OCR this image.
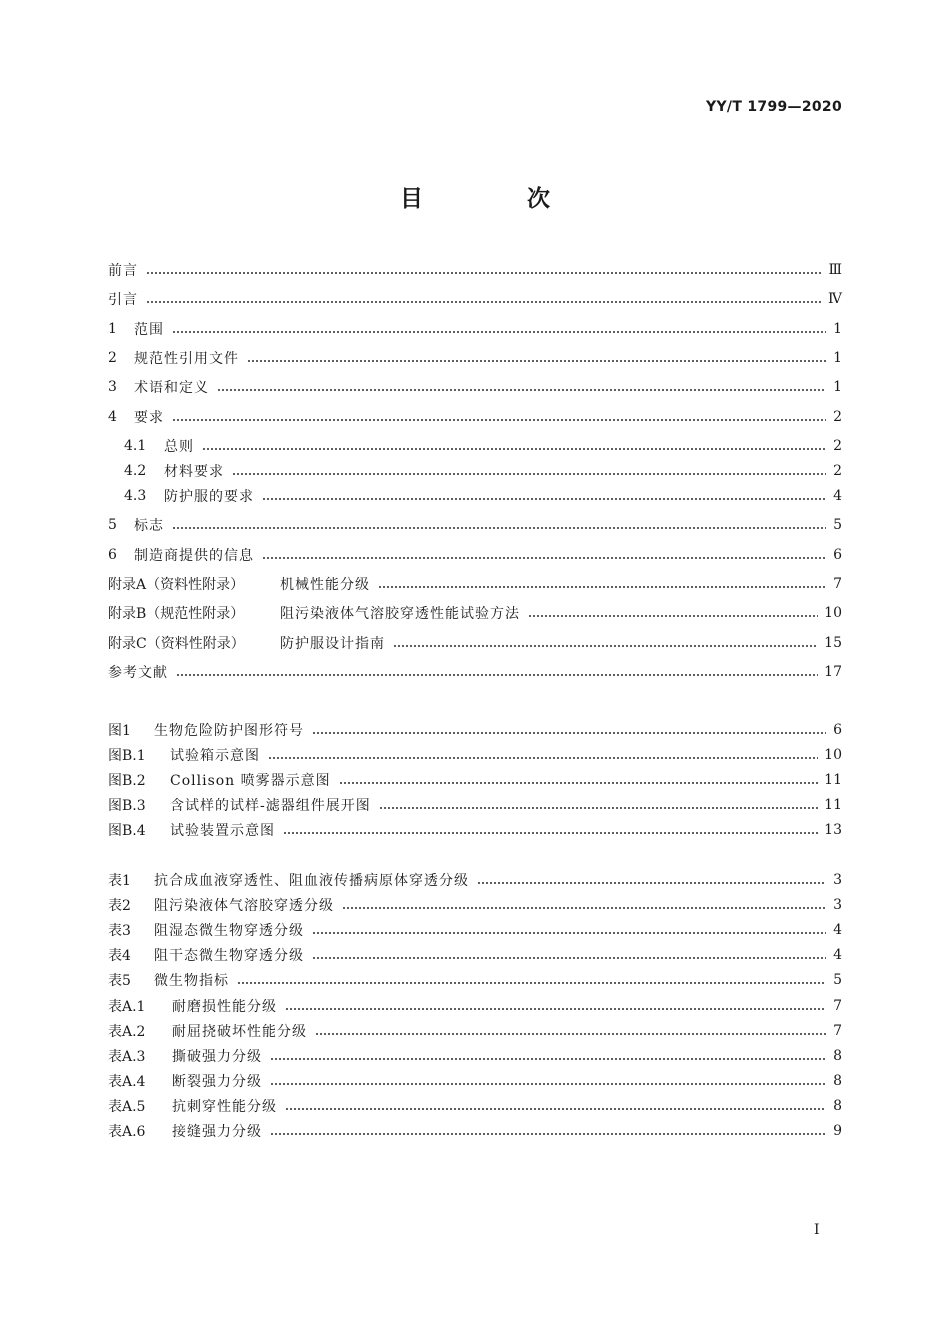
YY/T 1799—2020
目 次
前言	Ⅲ
引言	Ⅳ
1	范围	1
2	规范性引用文件	1
3	术语和定义	1
4	要求	2
4.1	总则	2
4.2	材料要求	2
4.3	防护服的要求	4
5	标志	5
6	制造商提供的信息	6
附录A（资料性附录）	机械性能分级	7
附录B（规范性附录）	阻污染液体气溶胶穿透性能试验方法	10
附录C（资料性附录）	防护服设计指南	15
参考文献	17
图1	生物危险防护图形符号	6
图B.1	试验箱示意图	10
图B.2	Collison 喷雾器示意图	11
图B.3	含试样的试样-滤器组件展开图	11
图B.4	试验装置示意图	13
表1	抗合成血液穿透性、阻血液传播病原体穿透分级	3
表2	阻污染液体气溶胶穿透分级	3
表3	阻湿态微生物穿透分级	4
表4	阻干态微生物穿透分级	4
表5	微生物指标	5
表A.1	耐磨损性能分级	7
表A.2	耐屈挠破坏性能分级	7
表A.3	撕破强力分级	8
表A.4	断裂强力分级	8
表A.5	抗刺穿性能分级	8
表A.6	接缝强力分级	9
I
